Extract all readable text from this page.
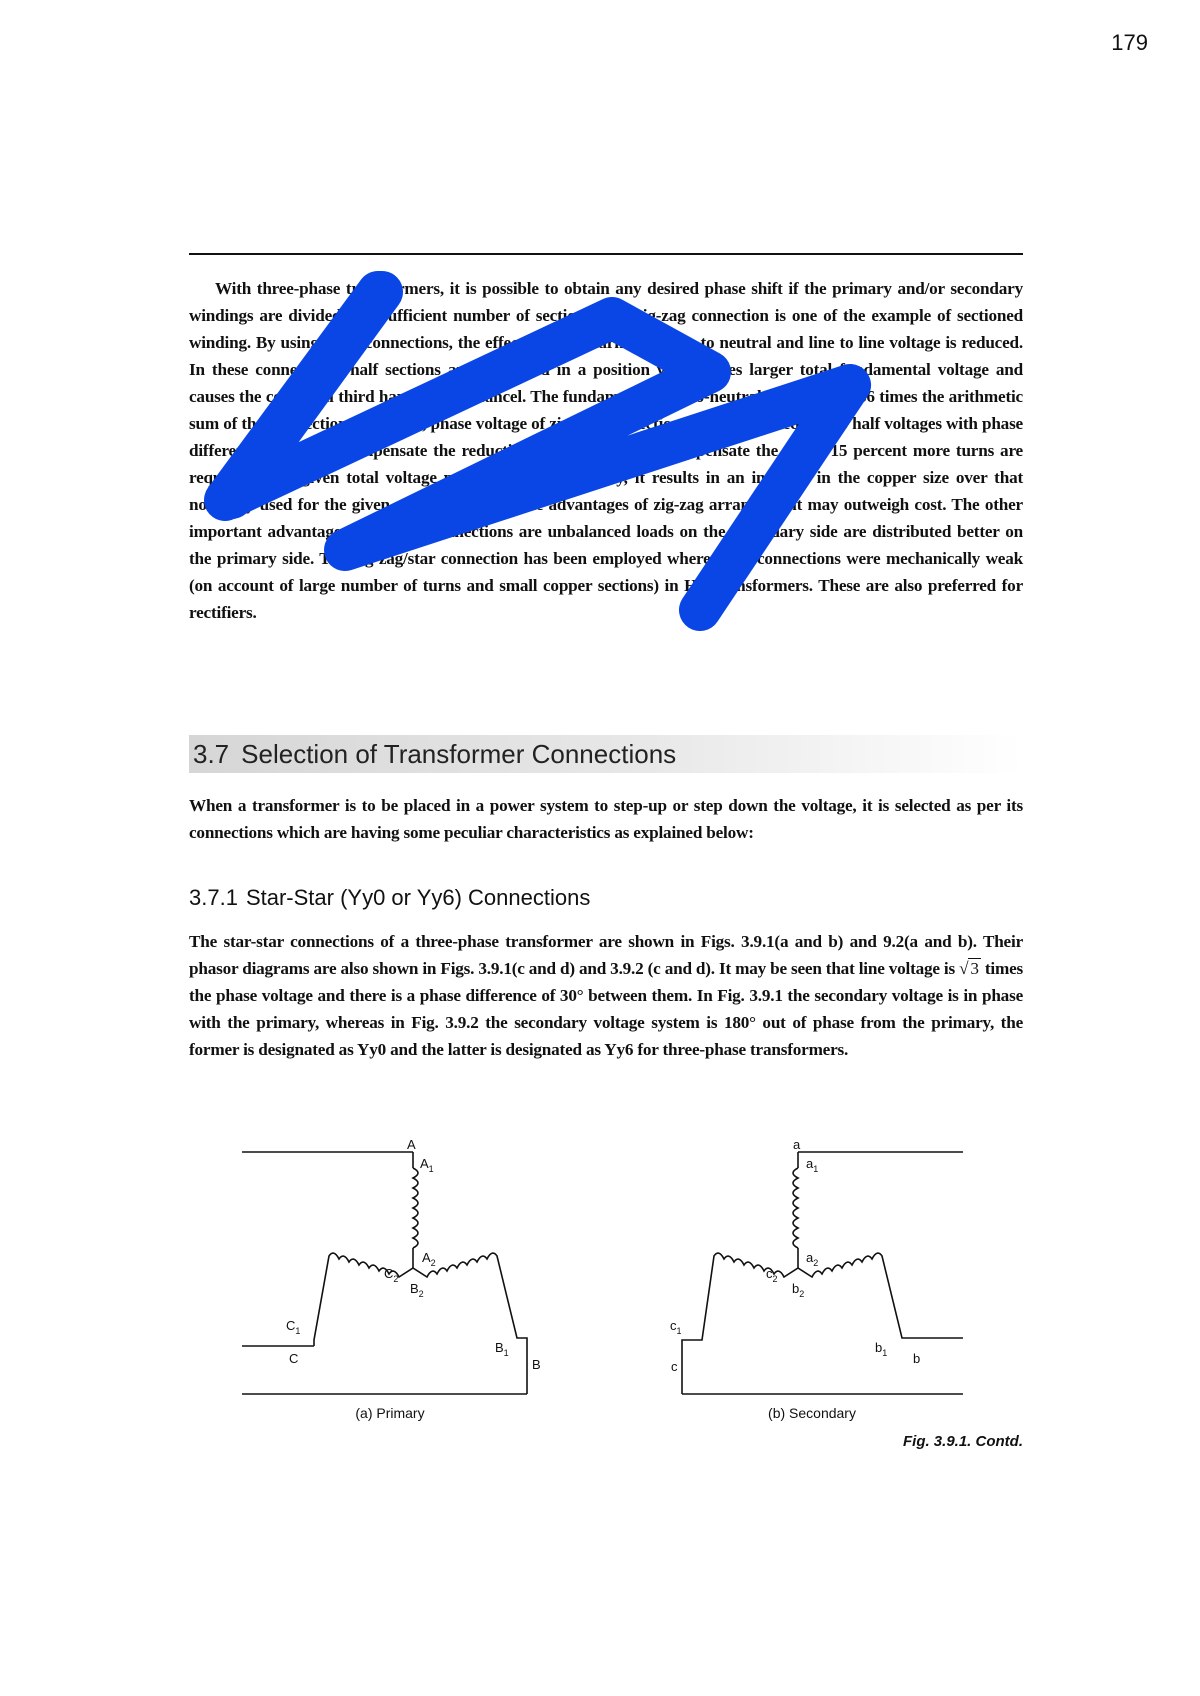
179

With three-phase transformers, it is possible to obtain any desired phase shift if the primary and/or secondary windings are divided into sufficient number of sections. The zig-zag connection is one of the example of sectioned winding. By using these connections, the effect of third harmonics line to neutral and line to line voltage is reduced. In these connections, half sections are connected in a position which gives larger total fundamental voltage and causes the co-phasal third harmonics to cancel. The fundamental line-to-neutral voltage is 0.866 times the arithmetic sum of the two sectional voltages, phase voltage of zig-zag connection being composed of two half voltages with phase difference of 60°. To compensate the reduction in voltage and to compensate the same, 15 percent more turns are required for a given total voltage per phase. Consequently, it results in an increase in the copper size over that normally used for the given rating. However, the advantages of zig-zag arrangement may outweigh cost. The other important advantages of zig-zag connections are unbalanced loads on the secondary side are distributed better on the primary side. The zig-zag/star connection has been employed where delta connections were mechanically weak (on account of large number of turns and small copper sections) in HV transformers. These are also preferred for rectifiers.

3.7 Selection of Transformer Connections

When a transformer is to be placed in a power system to step-up or step down the voltage, it is selected as per its connections which are having some peculiar characteristics as explained below:

3.7.1 Star-Star (Yy0 or Yy6) Connections

The star-star connections of a three-phase transformer are shown in Figs. 3.9.1(a and b) and 9.2(a and b). Their phasor diagrams are also shown in Figs. 3.9.1(c and d) and 3.9.2 (c and d). It may be seen that line voltage is √ 3 times the phase voltage and there is a phase difference of 30° between them. In Fig. 3.9.1 the secondary voltage is in phase with the primary, whereas in Fig. 3.9.2 the secondary voltage system is 180° out of phase from the primary, the former is designated as Yy0 and the latter is designated as Yy6 for three-phase transformers.

A
$A_1$
$A_2$
$B_2$
$C_2$
$C_1$
C
$B_1$
B
(a) Primary
a
$a_1$
$a_2$
$b_2$
$c_2$
$c_1$
c
$b_1$ b
(b) Secondary
Fig. 3.9.1. Contd.
